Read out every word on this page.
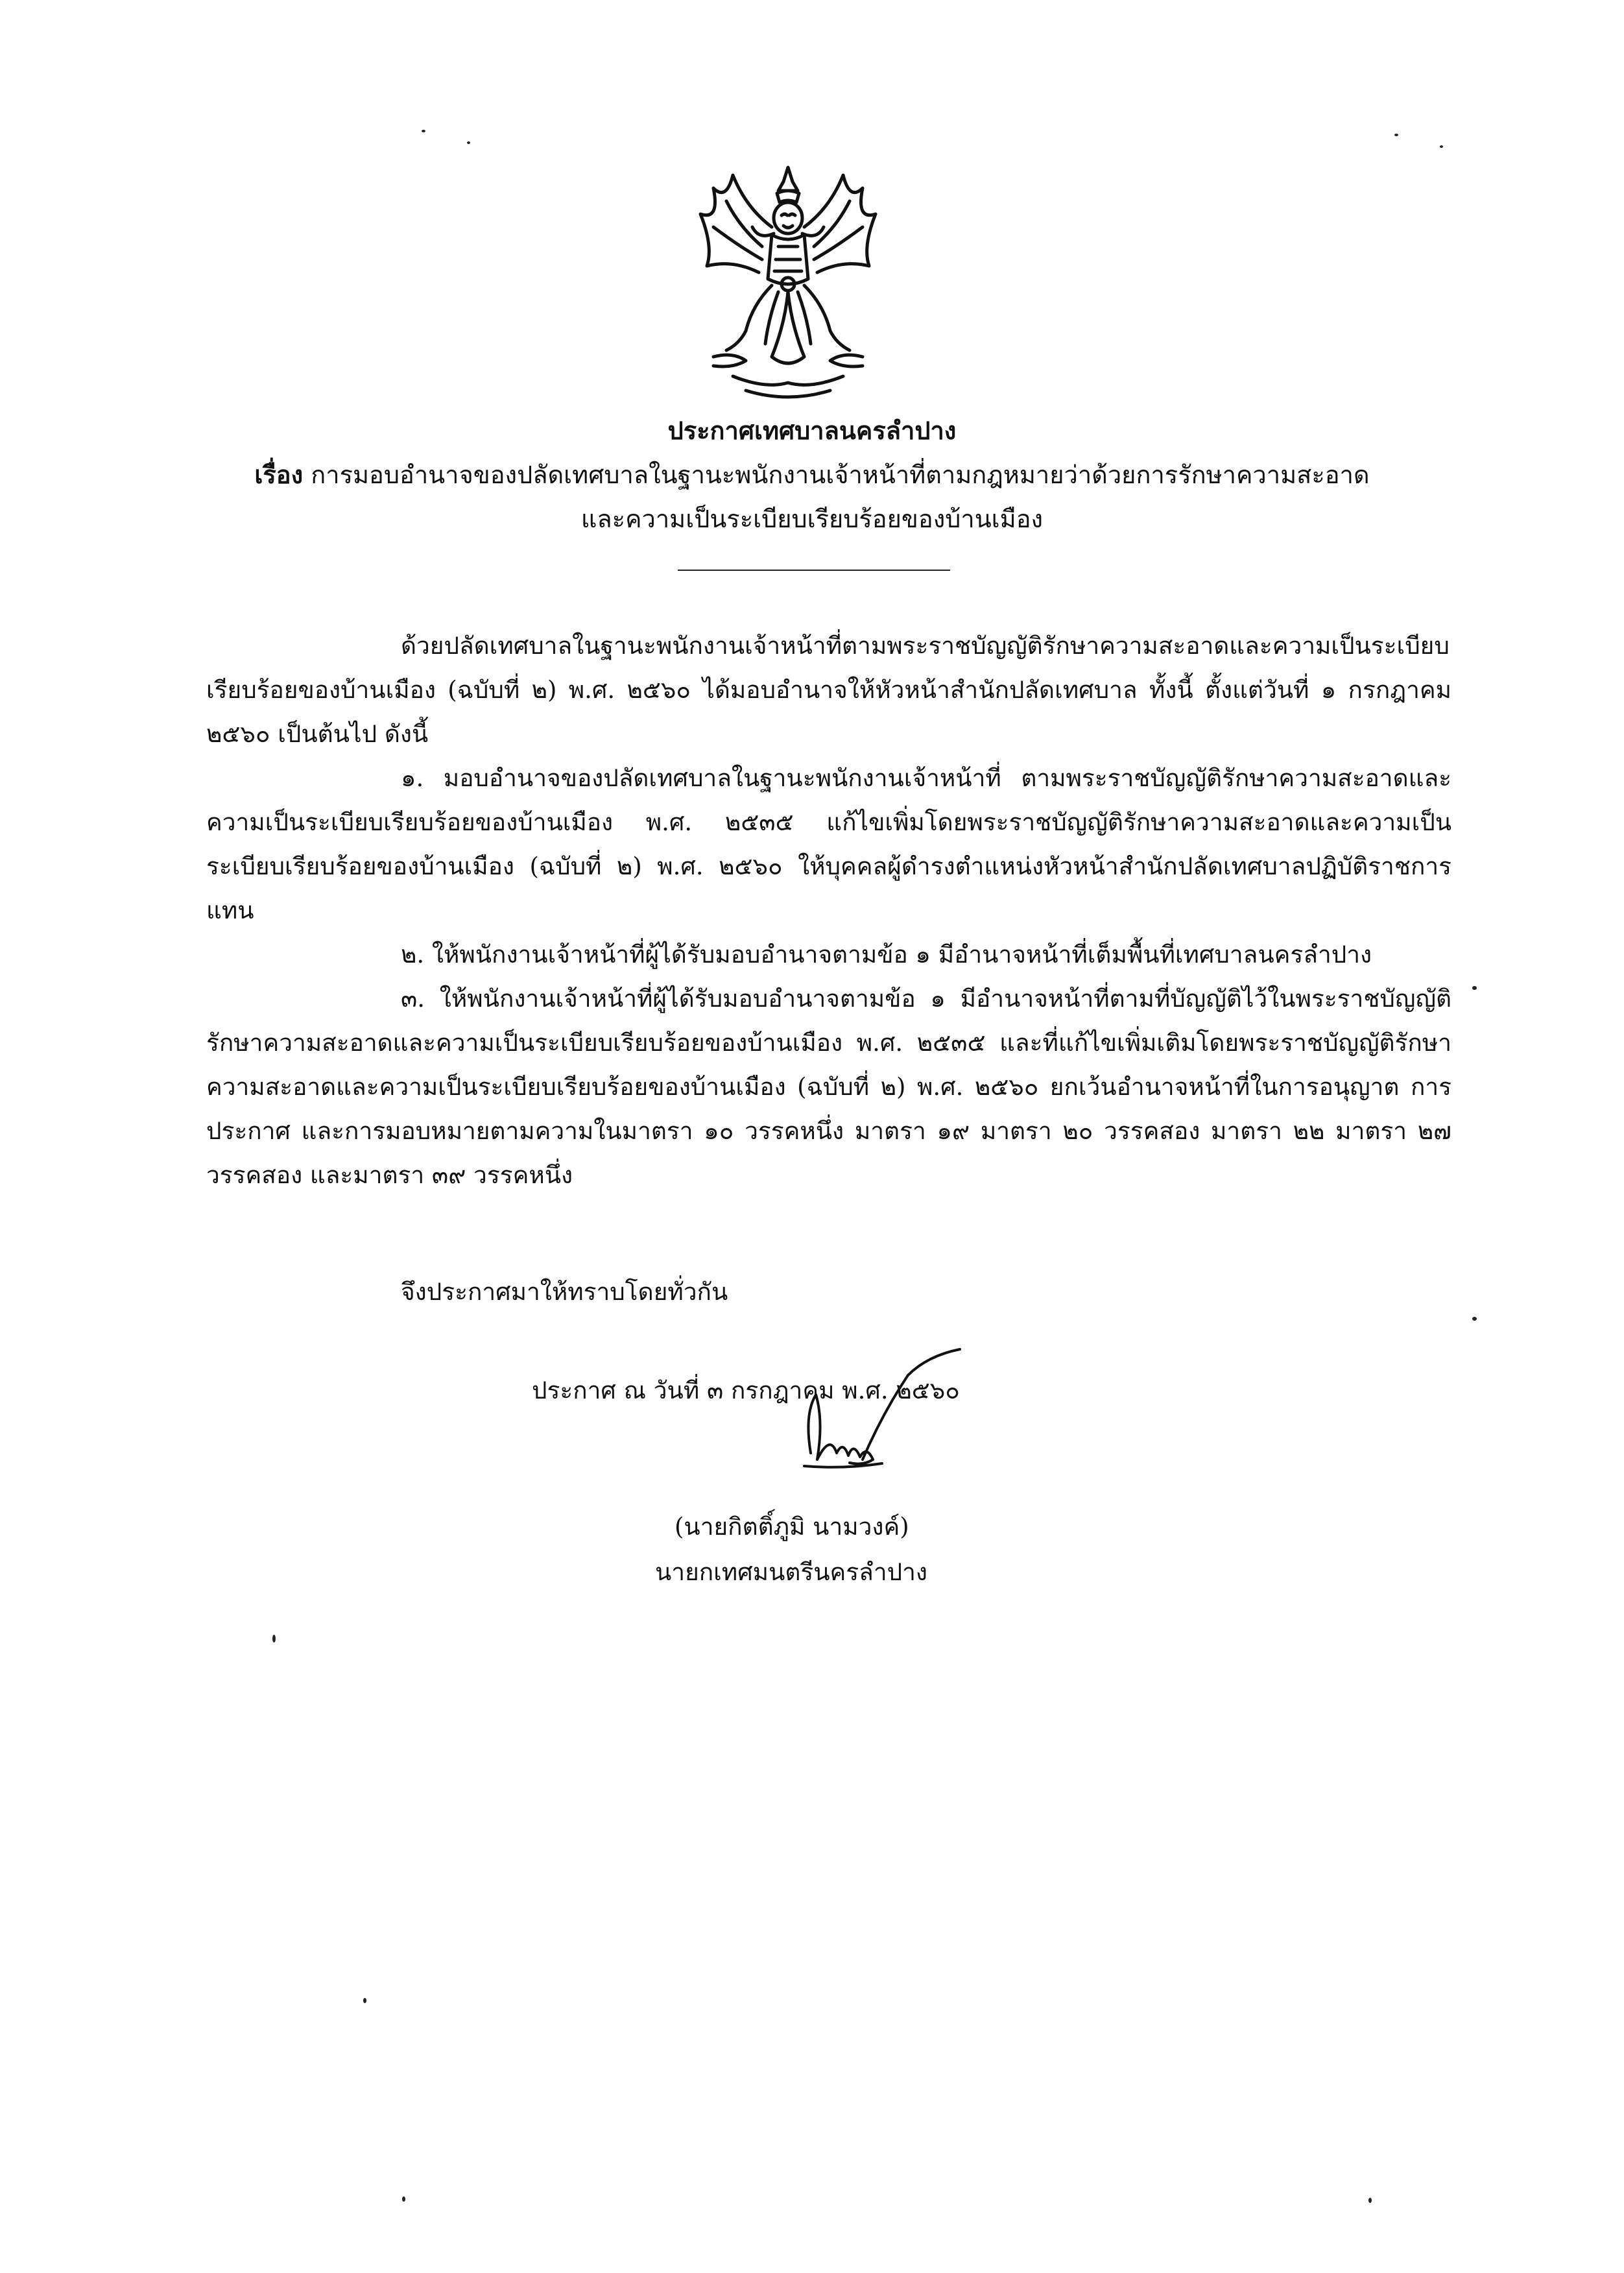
ประกาศเทศบาลนครลำปาง
เรื่อง การมอบอำนาจของปลัดเทศบาลในฐานะพนักงานเจ้าหน้าที่ตามกฎหมายว่าด้วยการรักษาความสะอาด
และความเป็นระเบียบเรียบร้อยของบ้านเมือง

ด้วยปลัดเทศบาลในฐานะพนักงานเจ้าหน้าที่ตามพระราชบัญญัติรักษาความสะอาดและความเป็นระเบียบเรียบร้อยของบ้านเมือง (ฉบับที่ ๒) พ.ศ. ๒๕๖๐ ได้มอบอำนาจให้หัวหน้าสำนักปลัดเทศบาล ทั้งนี้ ตั้งแต่วันที่ ๑ กรกฎาคม ๒๕๖๐ เป็นต้นไป ดังนี้

๑. มอบอำนาจของปลัดเทศบาลในฐานะพนักงานเจ้าหน้าที่ ตามพระราชบัญญัติรักษาความสะอาดและความเป็นระเบียบเรียบร้อยของบ้านเมือง พ.ศ. ๒๕๓๕ แก้ไขเพิ่มโดยพระราชบัญญัติรักษาความสะอาดและความเป็นระเบียบเรียบร้อยของบ้านเมือง (ฉบับที่ ๒) พ.ศ. ๒๕๖๐ ให้บุคคลผู้ดำรงตำแหน่งหัวหน้าสำนักปลัดเทศบาลปฏิบัติราชการแทน

๒. ให้พนักงานเจ้าหน้าที่ผู้ได้รับมอบอำนาจตามข้อ ๑ มีอำนาจหน้าที่เต็มพื้นที่เทศบาลนครลำปาง

๓. ให้พนักงานเจ้าหน้าที่ผู้ได้รับมอบอำนาจตามข้อ ๑ มีอำนาจหน้าที่ตามที่บัญญัติไว้ในพระราชบัญญัติรักษาความสะอาดและความเป็นระเบียบเรียบร้อยของบ้านเมือง พ.ศ. ๒๕๓๕ และที่แก้ไขเพิ่มเติมโดยพระราชบัญญัติรักษาความสะอาดและความเป็นระเบียบเรียบร้อยของบ้านเมือง (ฉบับที่ ๒) พ.ศ. ๒๕๖๐ ยกเว้นอำนาจหน้าที่ในการอนุญาต การประกาศ และการมอบหมายตามความในมาตรา ๑๐ วรรคหนึ่ง มาตรา ๑๙ มาตรา ๒๐ วรรคสอง มาตรา ๒๒ มาตรา ๒๗ วรรคสอง และมาตรา ๓๙ วรรคหนึ่ง

จึงประกาศมาให้ทราบโดยทั่วกัน
ประกาศ ณ วันที่ ๓ กรกฎาคม พ.ศ. ๒๕๖๐
(นายกิตติ์ภูมิ นามวงค์)
นายกเทศมนตรีนครลำปาง
